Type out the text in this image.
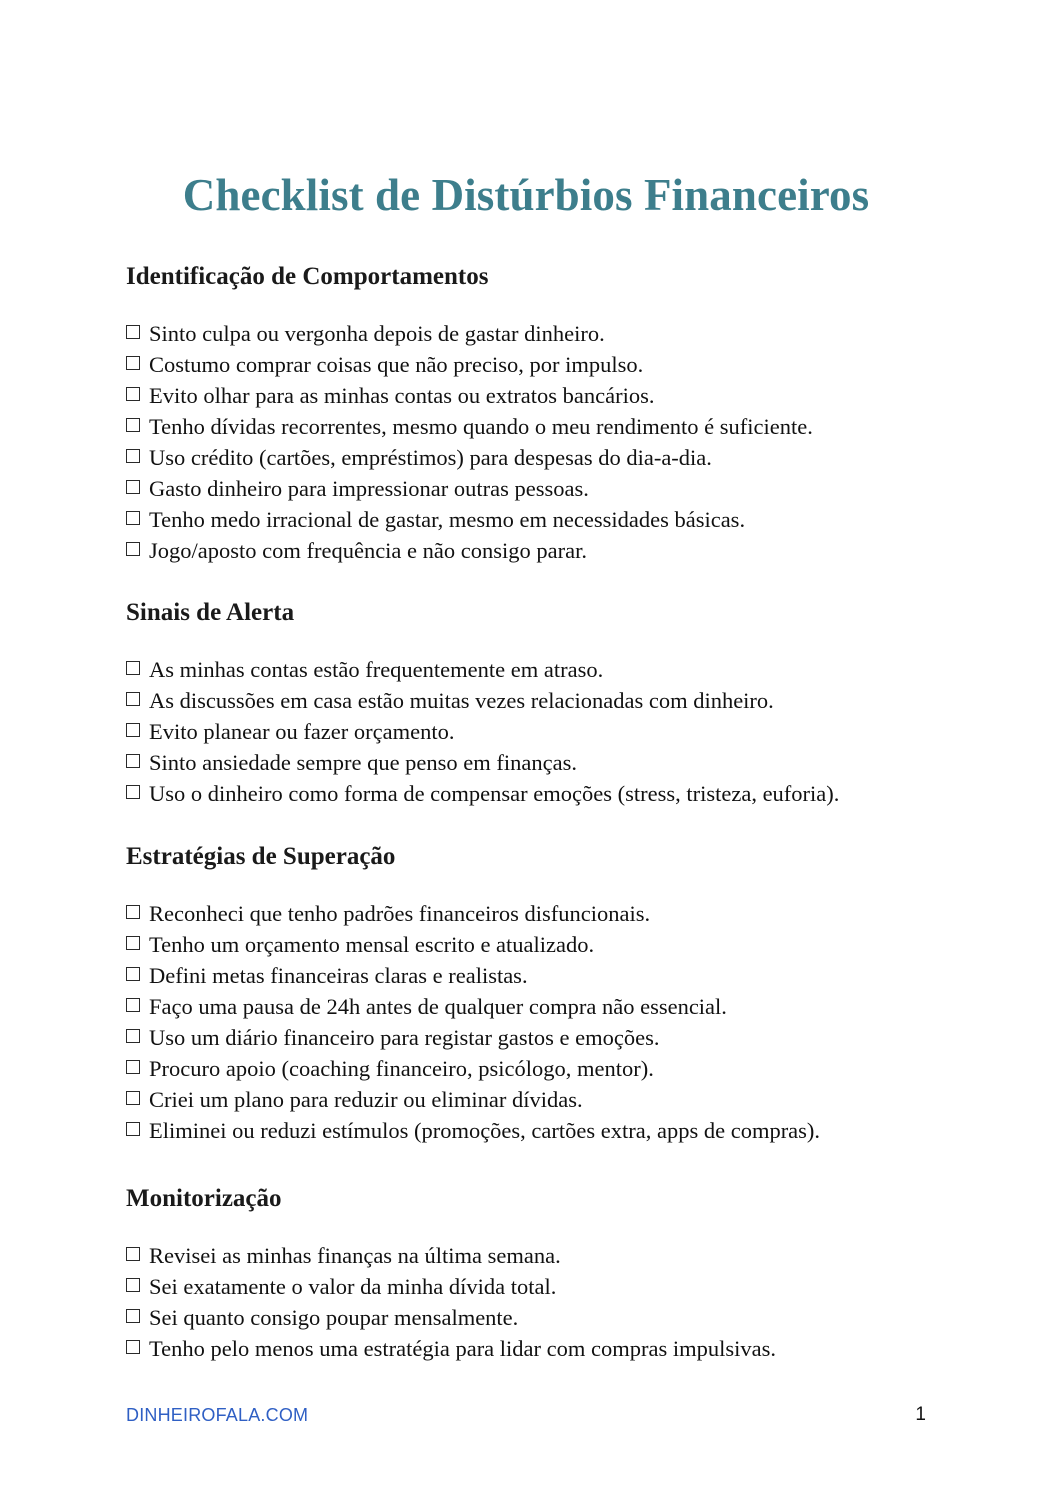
Checklist de Distúrbios Financeiros
Identificação de Comportamentos
Sinto culpa ou vergonha depois de gastar dinheiro.
Costumo comprar coisas que não preciso, por impulso.
Evito olhar para as minhas contas ou extratos bancários.
Tenho dívidas recorrentes, mesmo quando o meu rendimento é suficiente.
Uso crédito (cartões, empréstimos) para despesas do dia-a-dia.
Gasto dinheiro para impressionar outras pessoas.
Tenho medo irracional de gastar, mesmo em necessidades básicas.
Jogo/aposto com frequência e não consigo parar.
Sinais de Alerta
As minhas contas estão frequentemente em atraso.
As discussões em casa estão muitas vezes relacionadas com dinheiro.
Evito planear ou fazer orçamento.
Sinto ansiedade sempre que penso em finanças.
Uso o dinheiro como forma de compensar emoções (stress, tristeza, euforia).
Estratégias de Superação
Reconheci que tenho padrões financeiros disfuncionais.
Tenho um orçamento mensal escrito e atualizado.
Defini metas financeiras claras e realistas.
Faço uma pausa de 24h antes de qualquer compra não essencial.
Uso um diário financeiro para registar gastos e emoções.
Procuro apoio (coaching financeiro, psicólogo, mentor).
Criei um plano para reduzir ou eliminar dívidas.
Eliminei ou reduzi estímulos (promoções, cartões extra, apps de compras).
Monitorização
Revisei as minhas finanças na última semana.
Sei exatamente o valor da minha dívida total.
Sei quanto consigo poupar mensalmente.
Tenho pelo menos uma estratégia para lidar com compras impulsivas.
DINHEIROFALA.COM	1
